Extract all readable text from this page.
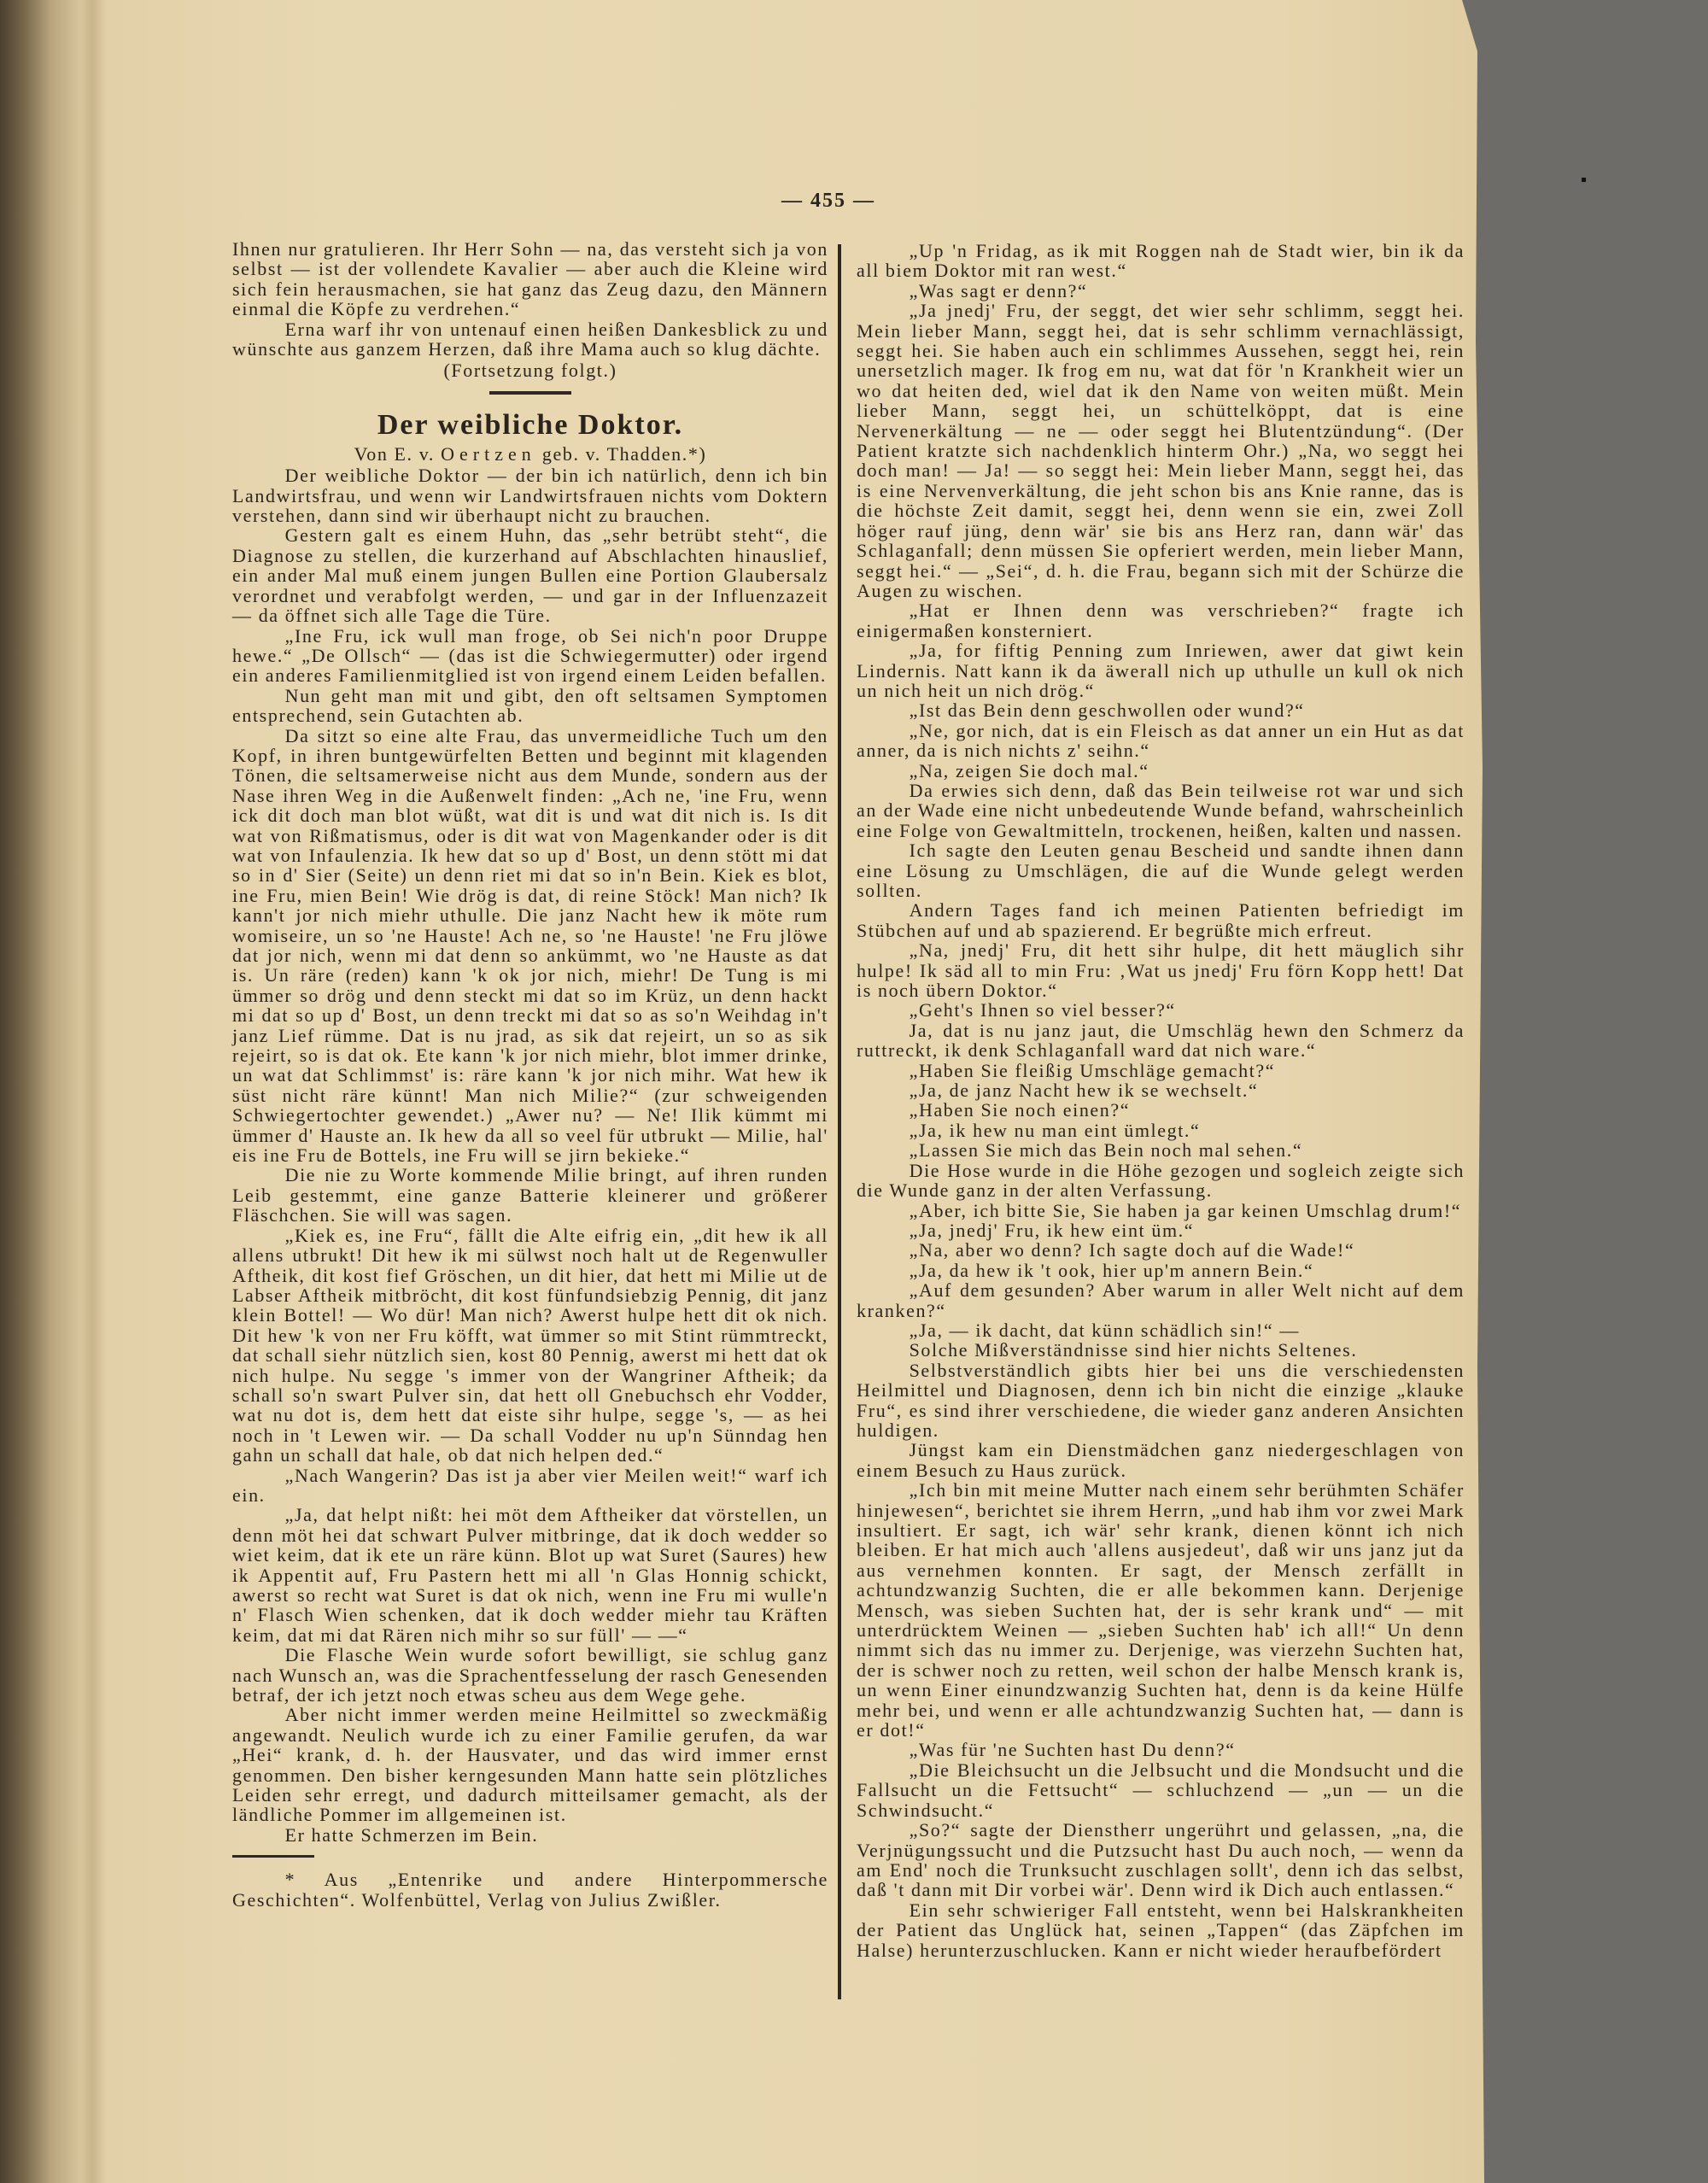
— 455 —

Ihnen nur gratulieren. Ihr Herr Sohn — na, das versteht sich ja von selbst — ist der vollendete Kavalier — aber auch die Kleine wird sich fein herausmachen, sie hat ganz das Zeug dazu, den Männern einmal die Köpfe zu verdrehen.“

Erna warf ihr von untenauf einen heißen Dankesblick zu und wünschte aus ganzem Herzen, daß ihre Mama auch so klug dächte.

(Fortsetzung folgt.)
Der weibliche Doktor.
Von E. v. Oertzen geb. v. Thadden.*)

Der weibliche Doktor — der bin ich natürlich, denn ich bin Landwirtsfrau, und wenn wir Landwirtsfrauen nichts vom Doktern verstehen, dann sind wir überhaupt nicht zu brauchen.

Gestern galt es einem Huhn, das „sehr betrübt steht“, die Diagnose zu stellen, die kurzerhand auf Abschlachten hinauslief, ein ander Mal muß einem jungen Bullen eine Portion Glaubersalz verordnet und verabfolgt werden, — und gar in der Influenzazeit — da öffnet sich alle Tage die Türe.

„Ine Fru, ick wull man froge, ob Sei nich'n poor Druppe hewe.“ „De Ollsch“ — (das ist die Schwiegermutter) oder irgend ein anderes Familienmitglied ist von irgend einem Leiden befallen.

Nun geht man mit und gibt, den oft seltsamen Symptomen entsprechend, sein Gutachten ab.

Da sitzt so eine alte Frau, das unvermeidliche Tuch um den Kopf, in ihren buntgewürfelten Betten und beginnt mit klagenden Tönen, die seltsamerweise nicht aus dem Munde, sondern aus der Nase ihren Weg in die Außenwelt finden: „Ach ne, 'ine Fru, wenn ick dit doch man blot wüßt, wat dit is und wat dit nich is. Is dit wat von Rißmatismus, oder is dit wat von Magenkander oder is dit wat von Infaulenzia. Ik hew dat so up d' Bost, un denn stött mi dat so in d' Sier (Seite) un denn riet mi dat so in'n Bein. Kiek es blot, ine Fru, mien Bein! Wie drög is dat, di reine Stöck! Man nich? Ik kann't jor nich miehr uthulle. Die janz Nacht hew ik möte rum womiseire, un so 'ne Hauste! Ach ne, so 'ne Hauste! 'ne Fru jlöwe dat jor nich, wenn mi dat denn so ankümmt, wo 'ne Hauste as dat is. Un räre (reden) kann 'k ok jor nich, miehr! De Tung is mi ümmer so drög und denn steckt mi dat so im Krüz, un denn hackt mi dat so up d' Bost, un denn treckt mi dat so as so'n Weihdag in't janz Lief rümme. Dat is nu jrad, as sik dat rejeirt, un so as sik rejeirt, so is dat ok. Ete kann 'k jor nich miehr, blot immer drinke, un wat dat Schlimmst' is: räre kann 'k jor nich mihr. Wat hew ik süst nicht räre künnt! Man nich Milie?“ (zur schweigenden Schwiegertochter gewendet.) „Awer nu? — Ne! Ilik kümmt mi ümmer d' Hauste an. Ik hew da all so veel für utbrukt — Milie, hal' eis ine Fru de Bottels, ine Fru will se jirn bekieke.“

Die nie zu Worte kommende Milie bringt, auf ihren runden Leib gestemmt, eine ganze Batterie kleinerer und größerer Fläschchen. Sie will was sagen.

„Kiek es, ine Fru“, fällt die Alte eifrig ein, „dit hew ik all allens utbrukt! Dit hew ik mi sülwst noch halt ut de Regenwuller Aftheik, dit kost fief Gröschen, un dit hier, dat hett mi Milie ut de Labser Aftheik mitbröcht, dit kost fünfundsiebzig Pennig, dit janz klein Bottel! — Wo dür! Man nich? Awerst hulpe hett dit ok nich. Dit hew 'k von ner Fru köfft, wat ümmer so mit Stint rümmtreckt, dat schall siehr nützlich sien, kost 80 Pennig, awerst mi hett dat ok nich hulpe. Nu segge 's immer von der Wangriner Aftheik; da schall so'n swart Pulver sin, dat hett oll Gnebuchsch ehr Vodder, wat nu dot is, dem hett dat eiste sihr hulpe, segge 's, — as hei noch in 't Lewen wir. — Da schall Vodder nu up'n Sünndag hen gahn un schall dat hale, ob dat nich helpen ded.“

„Nach Wangerin? Das ist ja aber vier Meilen weit!“ warf ich ein.

„Ja, dat helpt nißt: hei möt dem Aftheiker dat vörstellen, un denn möt hei dat schwart Pulver mitbringe, dat ik doch wedder so wiet keim, dat ik ete un räre künn. Blot up wat Suret (Saures) hew ik Appentit auf, Fru Pastern hett mi all 'n Glas Honnig schickt, awerst so recht wat Suret is dat ok nich, wenn ine Fru mi wulle'n n' Flasch Wien schenken, dat ik doch wedder miehr tau Kräften keim, dat mi dat Rären nich mihr so sur füll' — —“

Die Flasche Wein wurde sofort bewilligt, sie schlug ganz nach Wunsch an, was die Sprachentfesselung der rasch Genesenden betraf, der ich jetzt noch etwas scheu aus dem Wege gehe.

Aber nicht immer werden meine Heilmittel so zweckmäßig angewandt. Neulich wurde ich zu einer Familie gerufen, da war „Hei“ krank, d. h. der Hausvater, und das wird immer ernst genommen. Den bisher kerngesunden Mann hatte sein plötzliches Leiden sehr erregt, und dadurch mitteilsamer gemacht, als der ländliche Pommer im allgemeinen ist.

Er hatte Schmerzen im Bein.

* Aus „Entenrike und andere Hinterpommersche Geschichten“. Wolfenbüttel, Verlag von Julius Zwißler.

„Up 'n Fridag, as ik mit Roggen nah de Stadt wier, bin ik da all biem Doktor mit ran west.“

„Was sagt er denn?“

„Ja jnedj' Fru, der seggt, det wier sehr schlimm, seggt hei. Mein lieber Mann, seggt hei, dat is sehr schlimm vernachlässigt, seggt hei. Sie haben auch ein schlimmes Aussehen, seggt hei, rein unersetzlich mager. Ik frog em nu, wat dat för 'n Krankheit wier un wo dat heiten ded, wiel dat ik den Name von weiten müßt. Mein lieber Mann, seggt hei, un schüttelköppt, dat is eine Nervenerkältung — ne — oder seggt hei Blutentzündung“. (Der Patient kratzte sich nachdenklich hinterm Ohr.) „Na, wo seggt hei doch man! — Ja! — so seggt hei: Mein lieber Mann, seggt hei, das is eine Nervenverkältung, die jeht schon bis ans Knie ranne, das is die höchste Zeit damit, seggt hei, denn wenn sie ein, zwei Zoll höger rauf jüng, denn wär' sie bis ans Herz ran, dann wär' das Schlaganfall; denn müssen Sie opferiert werden, mein lieber Mann, seggt hei.“ — „Sei“, d. h. die Frau, begann sich mit der Schürze die Augen zu wischen.

„Hat er Ihnen denn was verschrieben?“ fragte ich einigermaßen konsterniert.

„Ja, for fiftig Penning zum Inriewen, awer dat giwt kein Lindernis. Natt kann ik da äwerall nich up uthulle un kull ok nich un nich heit un nich drög.“

„Ist das Bein denn geschwollen oder wund?“

„Ne, gor nich, dat is ein Fleisch as dat anner un ein Hut as dat anner, da is nich nichts z' seihn.“

„Na, zeigen Sie doch mal.“

Da erwies sich denn, daß das Bein teilweise rot war und sich an der Wade eine nicht unbedeutende Wunde befand, wahrscheinlich eine Folge von Gewaltmitteln, trockenen, heißen, kalten und nassen.

Ich sagte den Leuten genau Bescheid und sandte ihnen dann eine Lösung zu Umschlägen, die auf die Wunde gelegt werden sollten.

Andern Tages fand ich meinen Patienten befriedigt im Stübchen auf und ab spazierend. Er begrüßte mich erfreut.

„Na, jnedj' Fru, dit hett sihr hulpe, dit hett mäuglich sihr hulpe! Ik säd all to min Fru: ‚Wat us jnedj' Fru förn Kopp hett! Dat is noch übern Doktor.“

„Geht's Ihnen so viel besser?“

Ja, dat is nu janz jaut, die Umschläg hewn den Schmerz da ruttreckt, ik denk Schlaganfall ward dat nich ware.“

„Haben Sie fleißig Umschläge gemacht?“

„Ja, de janz Nacht hew ik se wechselt.“

„Haben Sie noch einen?“

„Ja, ik hew nu man eint ümlegt.“

„Lassen Sie mich das Bein noch mal sehen.“

Die Hose wurde in die Höhe gezogen und sogleich zeigte sich die Wunde ganz in der alten Verfassung.

„Aber, ich bitte Sie, Sie haben ja gar keinen Umschlag drum!“

„Ja, jnedj' Fru, ik hew eint üm.“

„Na, aber wo denn? Ich sagte doch auf die Wade!“

„Ja, da hew ik 't ook, hier up'm annern Bein.“

„Auf dem gesunden? Aber warum in aller Welt nicht auf dem kranken?“

„Ja, — ik dacht, dat künn schädlich sin!“ —

Solche Mißverständnisse sind hier nichts Seltenes.

Selbstverständlich gibts hier bei uns die verschiedensten Heilmittel und Diagnosen, denn ich bin nicht die einzige „klauke Fru“, es sind ihrer verschiedene, die wieder ganz anderen Ansichten huldigen.

Jüngst kam ein Dienstmädchen ganz niedergeschlagen von einem Besuch zu Haus zurück.

„Ich bin mit meine Mutter nach einem sehr berühmten Schäfer hinjewesen“, berichtet sie ihrem Herrn, „und hab ihm vor zwei Mark insultiert. Er sagt, ich wär' sehr krank, dienen könnt ich nich bleiben. Er hat mich auch 'allens ausjedeut', daß wir uns janz jut da aus vernehmen konnten. Er sagt, der Mensch zerfällt in achtundzwanzig Suchten, die er alle bekommen kann. Derjenige Mensch, was sieben Suchten hat, der is sehr krank und“ — mit unterdrücktem Weinen — „sieben Suchten hab' ich all!“ Un denn nimmt sich das nu immer zu. Derjenige, was vierzehn Suchten hat, der is schwer noch zu retten, weil schon der halbe Mensch krank is, un wenn Einer einundzwanzig Suchten hat, denn is da keine Hülfe mehr bei, und wenn er alle achtundzwanzig Suchten hat, — dann is er dot!“

„Was für 'ne Suchten hast Du denn?“

„Die Bleichsucht un die Jelbsucht und die Mondsucht und die Fallsucht un die Fettsucht“ — schluchzend — „un — un die Schwindsucht.“

„So?“ sagte der Dienstherr ungerührt und gelassen, „na, die Verjnügungssucht und die Putzsucht hast Du auch noch, — wenn da am End' noch die Trunksucht zuschlagen sollt', denn ich das selbst, daß 't dann mit Dir vorbei wär'. Denn wird ik Dich auch entlassen.“

Ein sehr schwieriger Fall entsteht, wenn bei Halskrankheiten der Patient das Unglück hat, seinen „Tappen“ (das Zäpfchen im Halse) herunterzuschlucken. Kann er nicht wieder heraufbefördert
